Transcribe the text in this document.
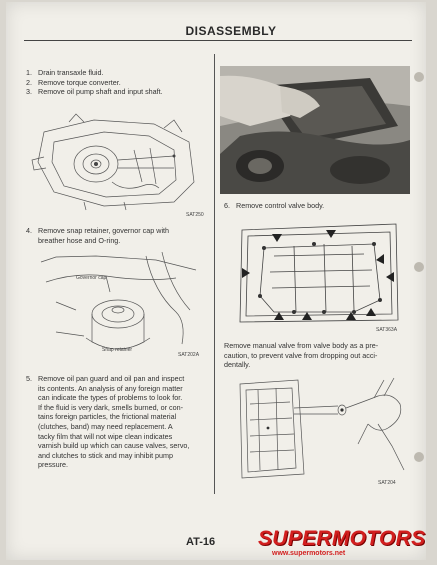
DISASSEMBLY
1. Drain transaxle fluid.
2. Remove torque converter.
3. Remove oil pump shaft and input shaft.
SAT250
4. Remove snap retainer, governor cap with
breather hose and O-ring.
Governor cap
Snap retainer
SAT202A
5. Remove oil pan guard and oil pan and inspect
its contents. An analysis of any foreign matter
can indicate the types of problems to look for.
If the fluid is very dark, smells burned, or con-
tains foreign particles, the frictional material
(clutches, band) may need replacement. A
tacky film that will not wipe clean indicates
varnish build up which can cause valves, servo,
and clutches to stick and may inhibit pump
pressure.
6. Remove control valve body.
SAT363A
Remove manual valve from valve body as a pre-
caution, to prevent valve from dropping out acci-
dentally.
SAT204
AT-16 SUPERMOTORS
www.supermotors.net
